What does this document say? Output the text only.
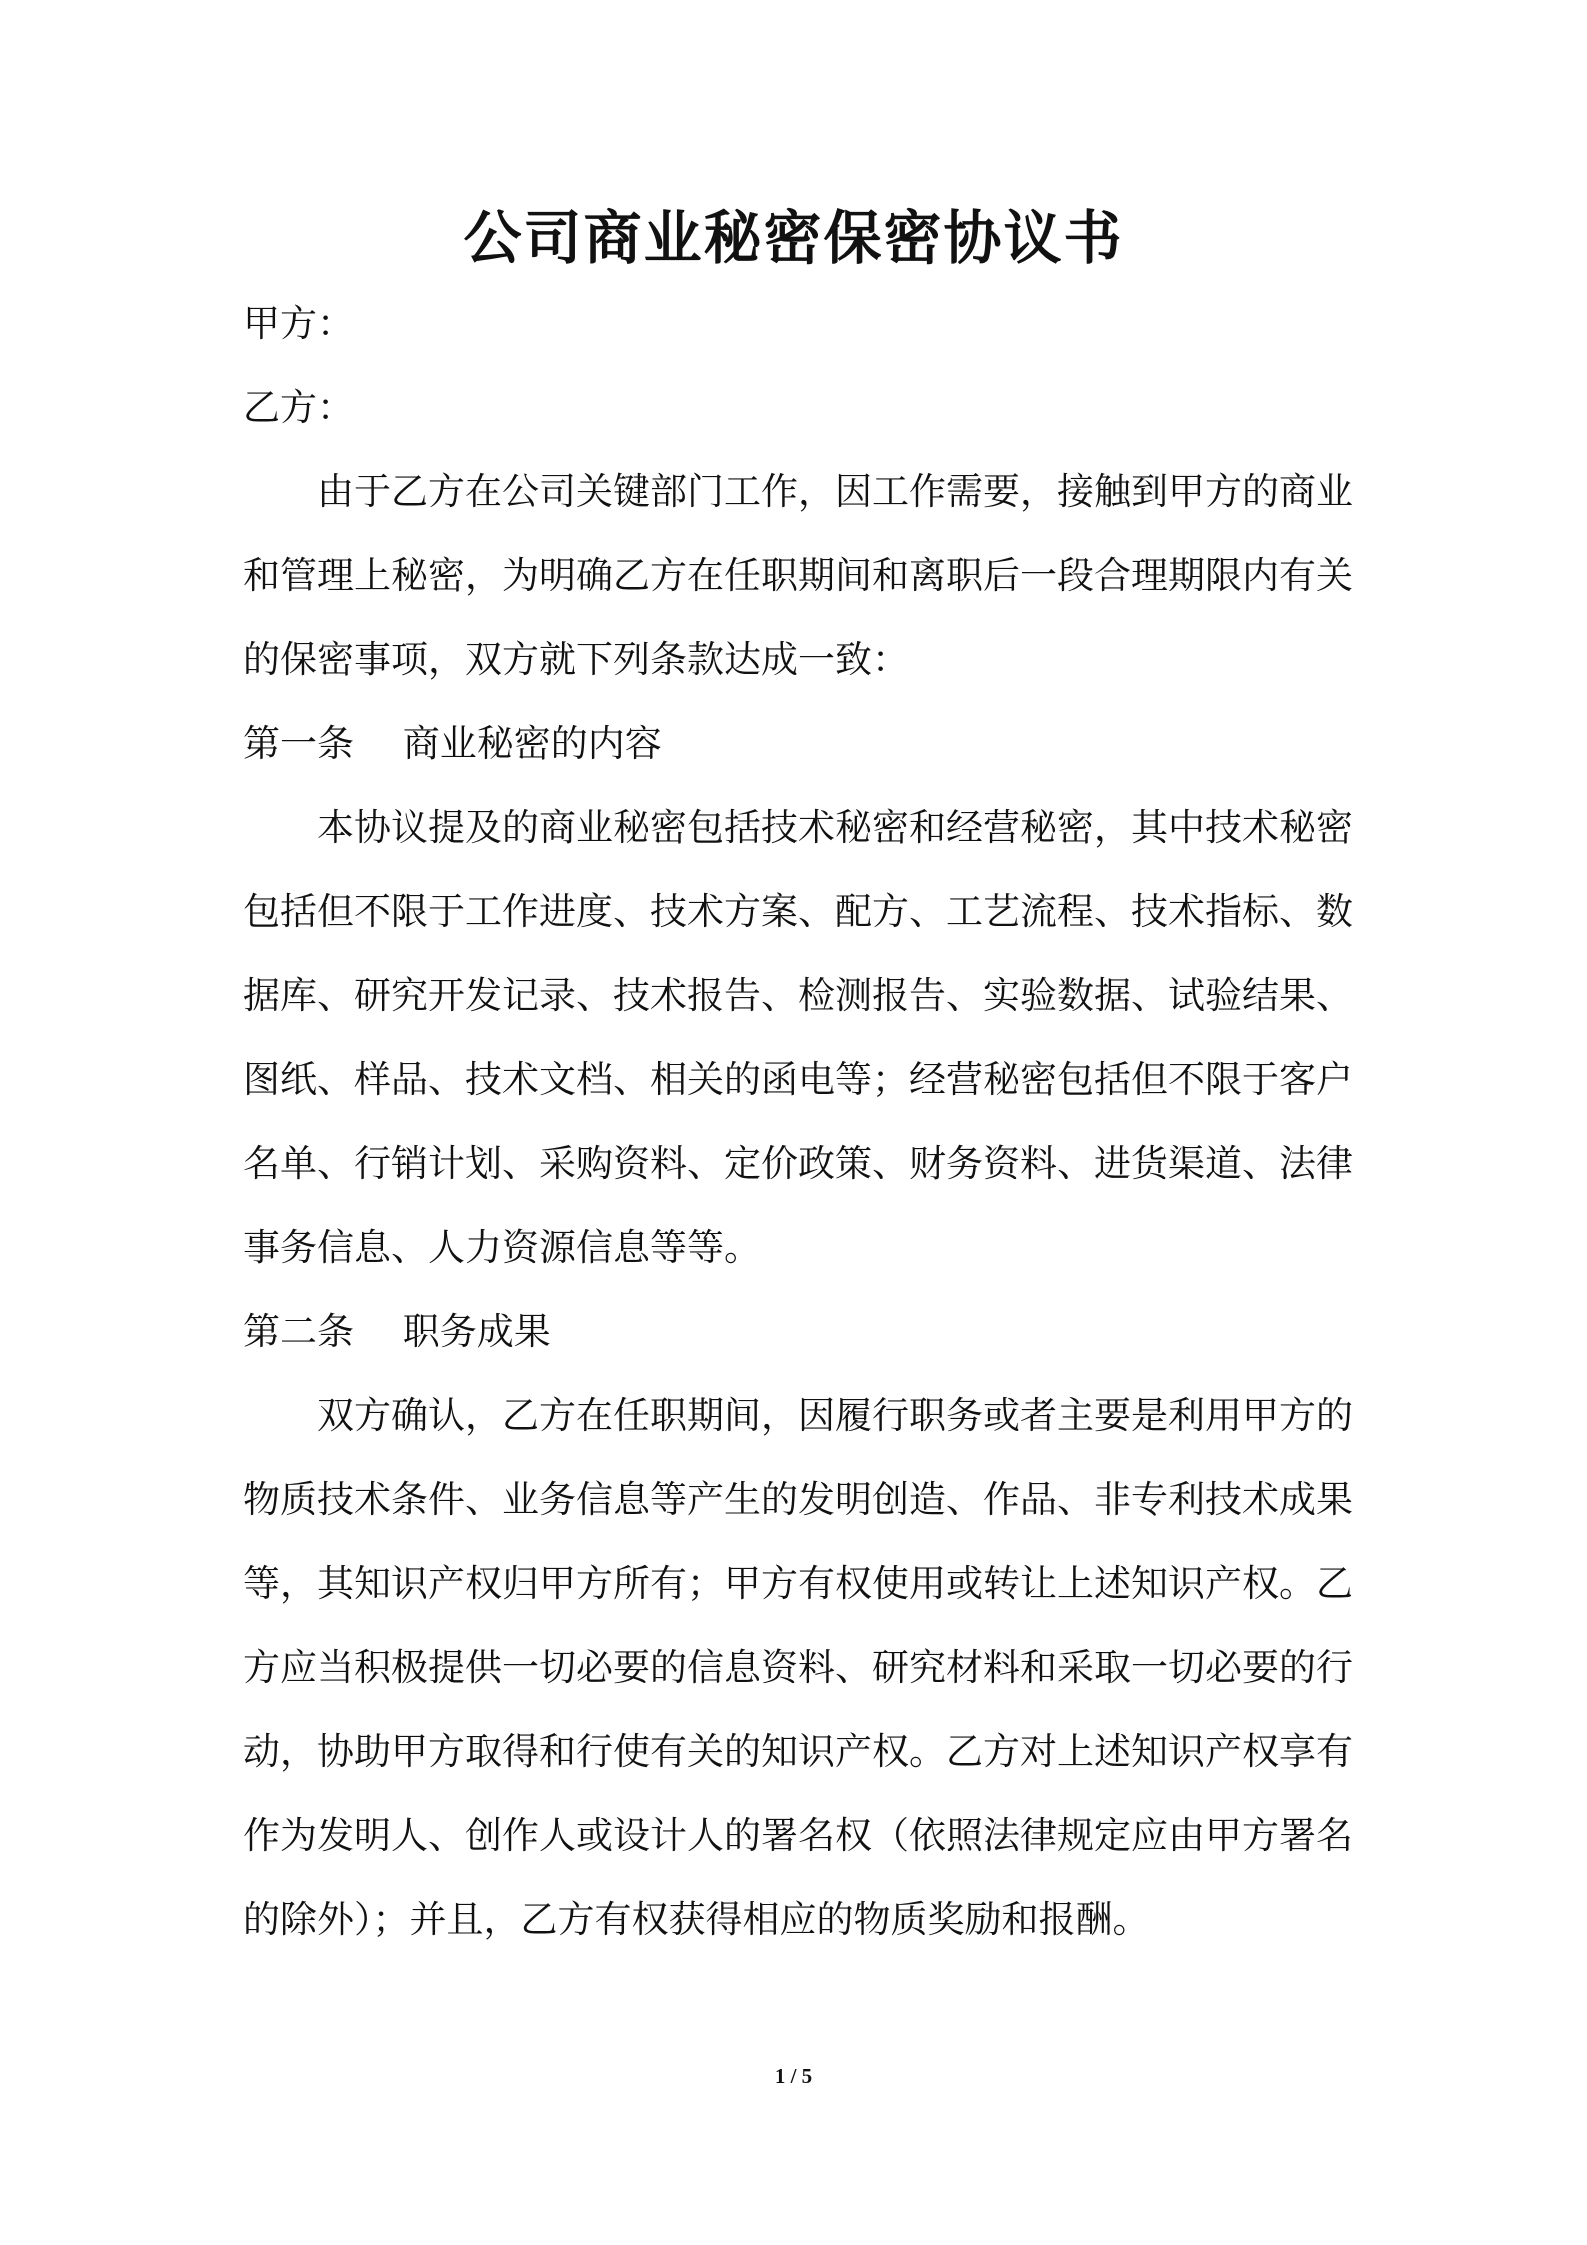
公司商业秘密保密协议书

甲方：

乙方：

由于乙方在公司关键部门工作，因工作需要，接触到甲方的商业和管理上秘密，为明确乙方在任职期间和离职后一段合理期限内有关的保密事项，双方就下列条款达成一致：

第一条　 商业秘密的内容

本协议提及的商业秘密包括技术秘密和经营秘密，其中技术秘密包括但不限于工作进度、技术方案、配方、工艺流程、技术指标、数据库、研究开发记录、技术报告、检测报告、实验数据、试验结果、图纸、样品、技术文档、相关的函电等；经营秘密包括但不限于客户名单、行销计划、采购资料、定价政策、财务资料、进货渠道、法律事务信息、人力资源信息等等。

第二条　 职务成果

双方确认，乙方在任职期间，因履行职务或者主要是利用甲方的物质技术条件、业务信息等产生的发明创造、作品、非专利技术成果等，其知识产权归甲方所有；甲方有权使用或转让上述知识产权。乙方应当积极提供一切必要的信息资料、研究材料和采取一切必要的行动，协助甲方取得和行使有关的知识产权。乙方对上述知识产权享有作为发明人、创作人或设计人的署名权（依照法律规定应由甲方署名的除外）；并且，乙方有权获得相应的物质奖励和报酬。

1 / 5
